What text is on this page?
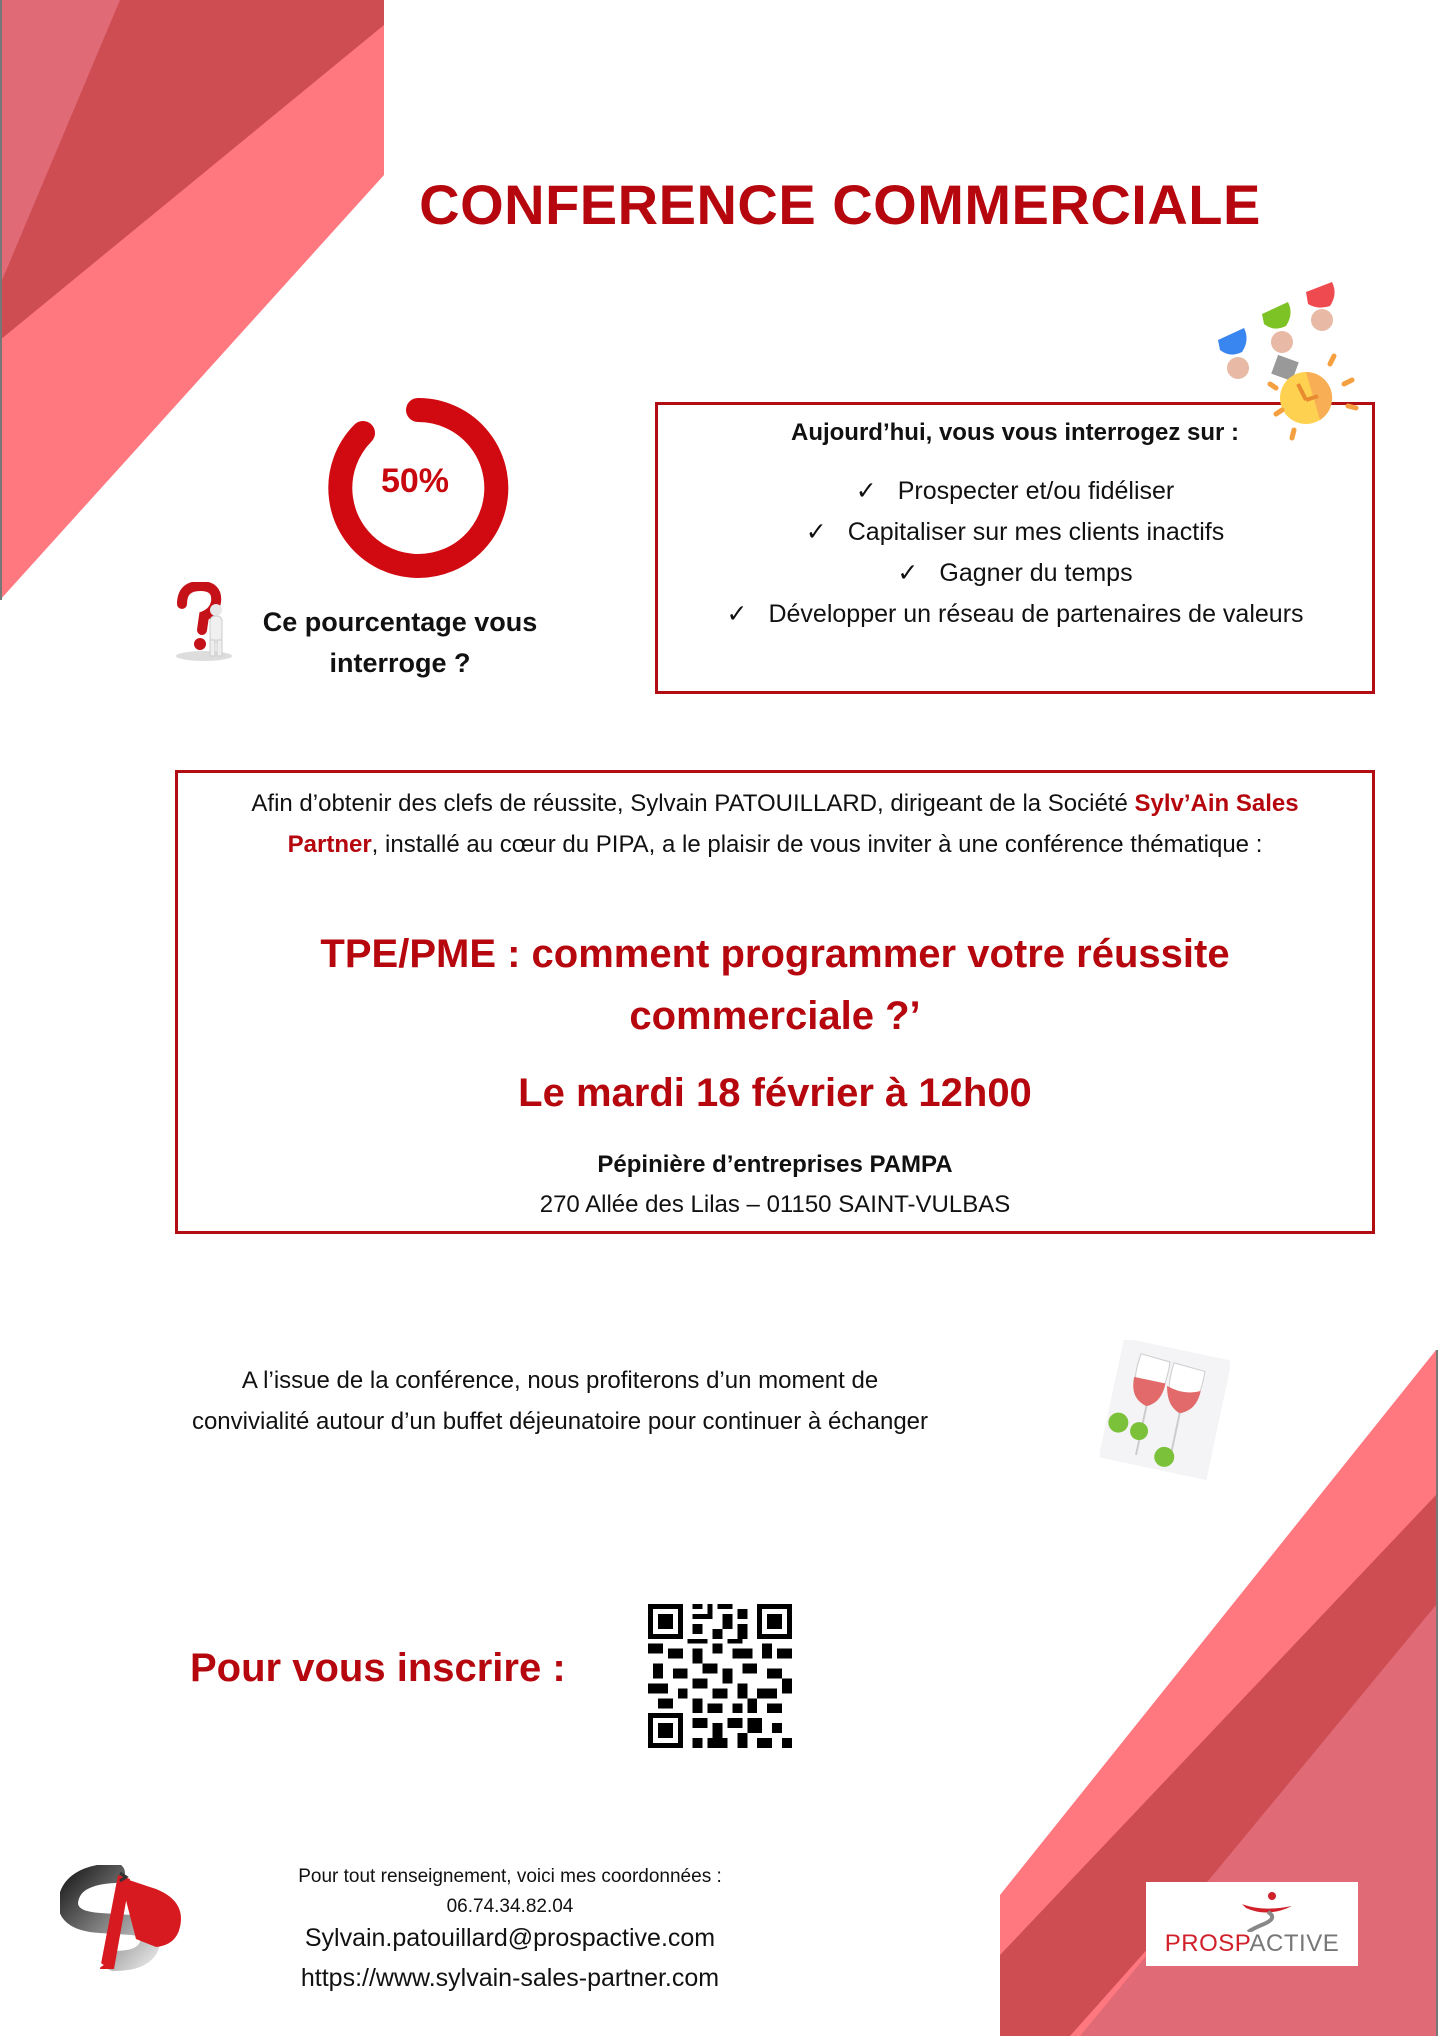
CONFERENCE COMMERCIALE
50%
Ce pourcentage vous interroge ?
Aujourd’hui, vous vous interrogez sur :
✓ Prospecter et/ou fidéliser
✓ Capitaliser sur mes clients inactifs
✓ Gagner du temps
✓ Développer un réseau de partenaires de valeurs
Afin d’obtenir des clefs de réussite, Sylvain PATOUILLARD, dirigeant de la Société Sylv’Ain Sales Partner, installé au cœur du PIPA, a le plaisir de vous inviter à une conférence thématique :
TPE/PME : comment programmer votre réussite commerciale ?’
Le mardi 18 février à 12h00
Pépinière d’entreprises PAMPA
270 Allée des Lilas – 01150 SAINT-VULBAS
A l’issue de la conférence, nous profiterons d’un moment de convivialité autour d’un buffet déjeunatoire pour continuer à échanger
Pour vous inscrire :
Pour tout renseignement, voici mes coordonnées :
06.74.34.82.04
Sylvain.patouillard@prospactive.com
https://www.sylvain-sales-partner.com
PROSPACTIVE
